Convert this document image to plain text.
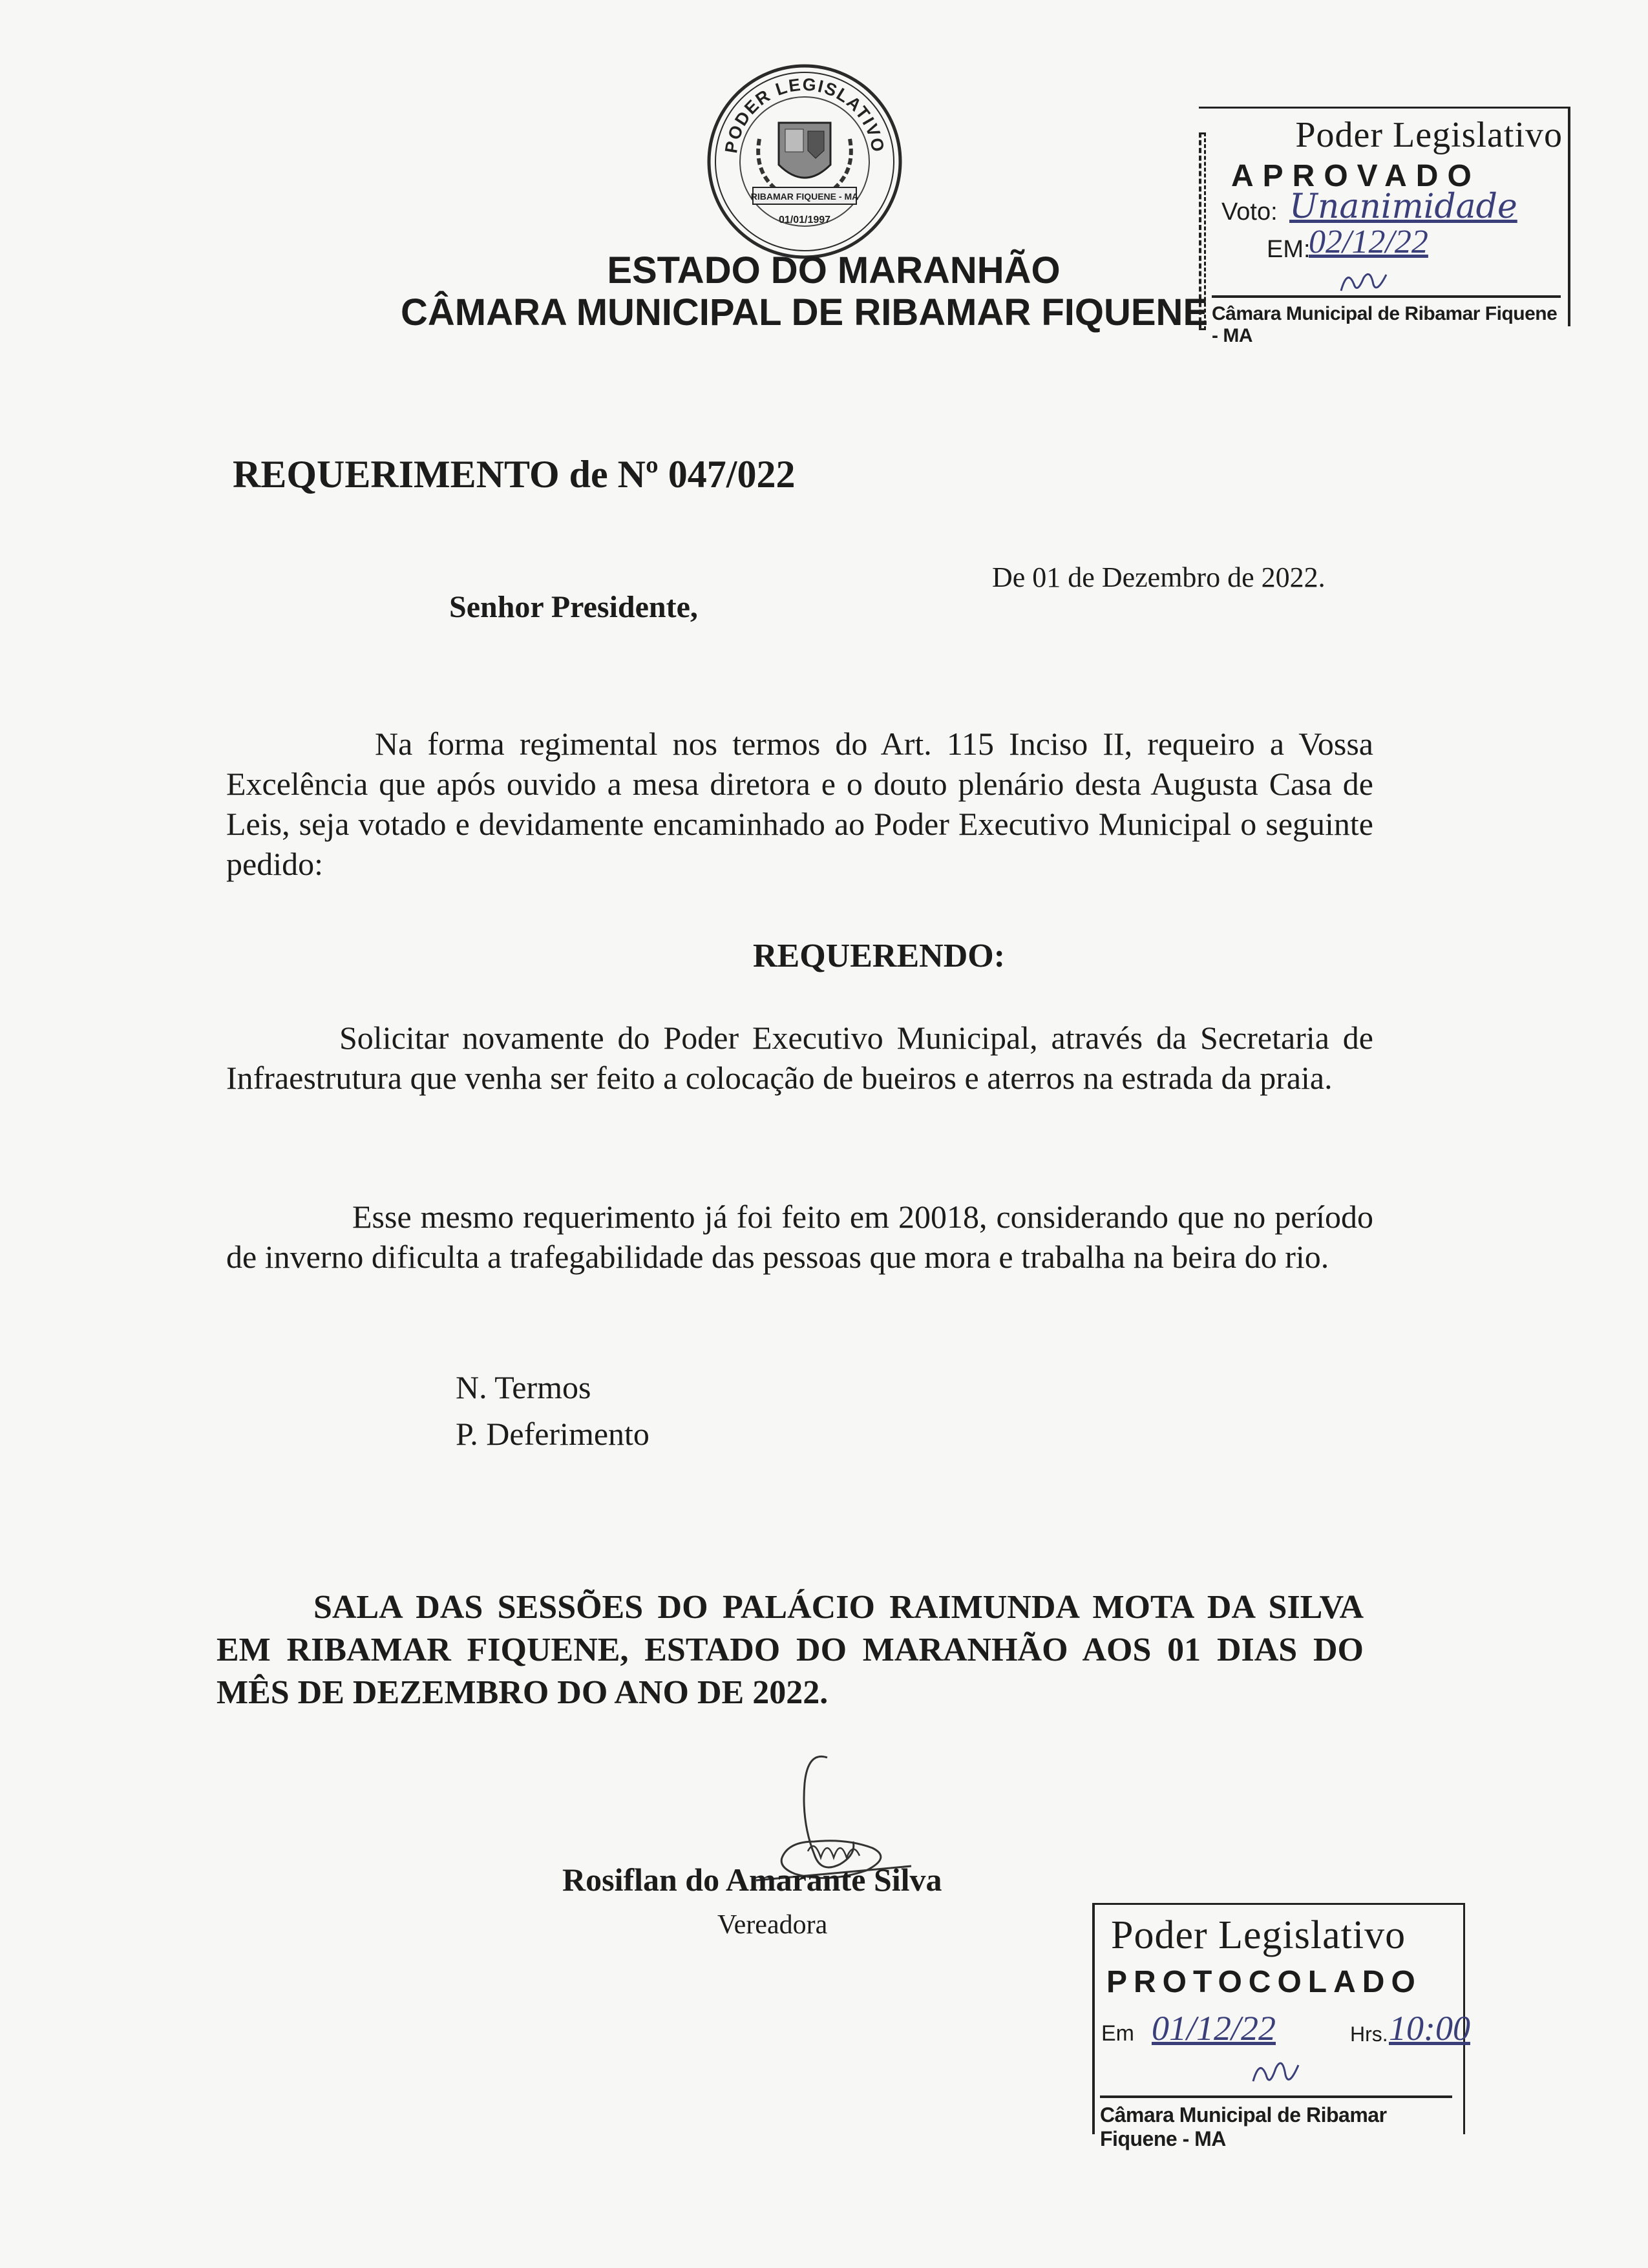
PODER LEGISLATIVO
RIBAMAR FIQUENE - MA
01/01/1997
ESTADO DO MARANHÃO
CÂMARA MUNICIPAL DE RIBAMAR FIQUENE
Poder Legislativo
APROVADO
Voto: Unanimidade
EM:
02/12/22
Câmara Municipal de Ribamar Fiquene - MA
REQUERIMENTO de Nº 047/022
De 01 de Dezembro de 2022.
Senhor Presidente,
Na forma regimental nos termos do Art. 115 Inciso II, requeiro a Vossa Excelência que após ouvido a mesa diretora e o douto plenário desta Augusta Casa de Leis, seja votado e devidamente encaminhado ao Poder Executivo Municipal o seguinte pedido:
REQUERENDO:
Solicitar novamente do Poder Executivo Municipal, através da Secretaria de Infraestrutura que venha ser feito a colocação de bueiros e aterros na estrada da praia.
Esse mesmo requerimento já foi feito em 20018, considerando que no período de inverno dificulta a trafegabilidade das pessoas que mora e trabalha na beira do rio.
N. Termos
P. Deferimento
SALA DAS SESSÕES DO PALÁCIO RAIMUNDA MOTA DA SILVA EM RIBAMAR FIQUENE, ESTADO DO MARANHÃO AOS 01 DIAS DO MÊS DE DEZEMBRO DO ANO DE 2022.
Rosiflan do Amarante Silva
Vereadora	Poder Legislativo
PROTOCOLADO
Em 01/12/22	Hrs. 10:00
Câmara Municipal de Ribamar Fiquene - MA
